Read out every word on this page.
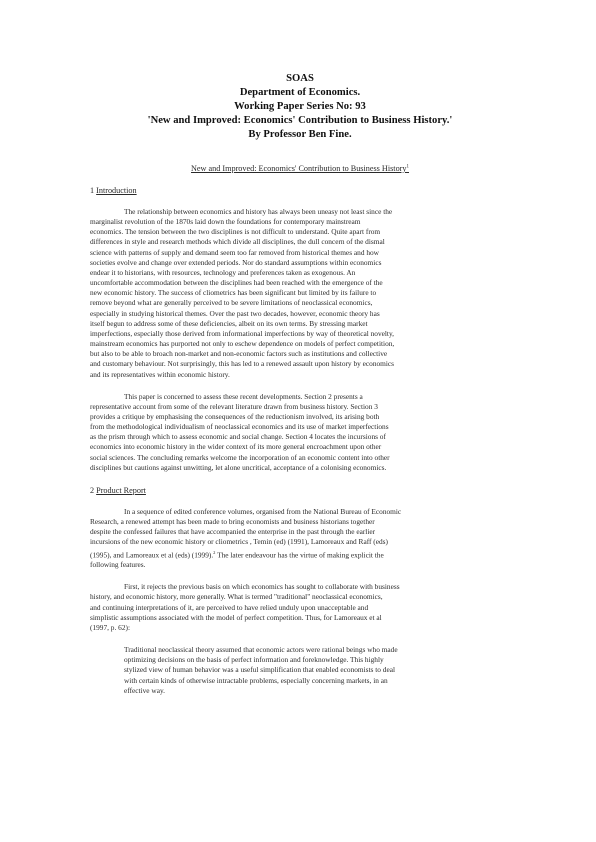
SOAS
Department of Economics.
Working Paper Series No: 93
'New and Improved: Economics' Contribution to Business History.'
By Professor Ben Fine.
New and Improved: Economics' Contribution to Business History$^1$
1 Introduction
The relationship between economics and history has always been uneasy not least since the
marginalist revolution of the 1870s laid down the foundations for contemporary mainstream
economics. The tension between the two disciplines is not difficult to understand. Quite apart from
differences in style and research methods which divide all disciplines, the dull concern of the dismal
science with patterns of supply and demand seem too far removed from historical themes and how
societies evolve and change over extended periods. Nor do standard assumptions within economics
endear it to historians, with resources, technology and preferences taken as exogenous. An
uncomfortable accommodation between the disciplines had been reached with the emergence of the
new economic history. The success of cliometrics has been significant but limited by its failure to
remove beyond what are generally perceived to be severe limitations of neoclassical economics,
especially in studying historical themes. Over the past two decades, however, economic theory has
itself begun to address some of these deficiencies, albeit on its own terms. By stressing market
imperfections, especially those derived from informational imperfections by way of theoretical novelty,
mainstream economics has purported not only to eschew dependence on models of perfect competition,
but also to be able to broach non-market and non-economic factors such as institutions and collective
and customary behaviour. Not surprisingly, this has led to a renewed assault upon history by economics
and its representatives within economic history.
This paper is concerned to assess these recent developments. Section 2 presents a
representative account from some of the relevant literature drawn from business history. Section 3
provides a critique by emphasising the consequences of the reductionism involved, its arising both
from the methodological individualism of neoclassical economics and its use of market imperfections
as the prism through which to assess economic and social change. Section 4 locates the incursions of
economics into economic history in the wider context of its more general encroachment upon other
social sciences. The concluding remarks welcome the incorporation of an economic content into other
disciplines but cautions against unwitting, let alone uncritical, acceptance of a colonising economics.
2 Product Report
In a sequence of edited conference volumes, organised from the National Bureau of Economic
Research, a renewed attempt has been made to bring economists and business historians together
despite the confessed failures that have accompanied the enterprise in the past through the earlier
incursions of the new economic history or cliometrics , Temin (ed) (1991), Lamoreaux and Raff (eds)
(1995), and Lamoreaux et al (eds) (1999).$^2$ The later endeavour has the virtue of making explicit the
following features.
First, it rejects the previous basis on which economics has sought to collaborate with business
history, and economic history, more generally. What is termed "traditional" neoclassical economics,
and continuing interpretations of it, are perceived to have relied unduly upon unacceptable and
simplistic assumptions associated with the model of perfect competition. Thus, for Lamoreaux et al
(1997, p. 62):
Traditional neoclassical theory assumed that economic actors were rational beings who made
optimizing decisions on the basis of perfect information and foreknowledge. This highly
stylized view of human behavior was a useful simplification that enabled economists to deal
with certain kinds of otherwise intractable problems, especially concerning markets, in an
effective way.
